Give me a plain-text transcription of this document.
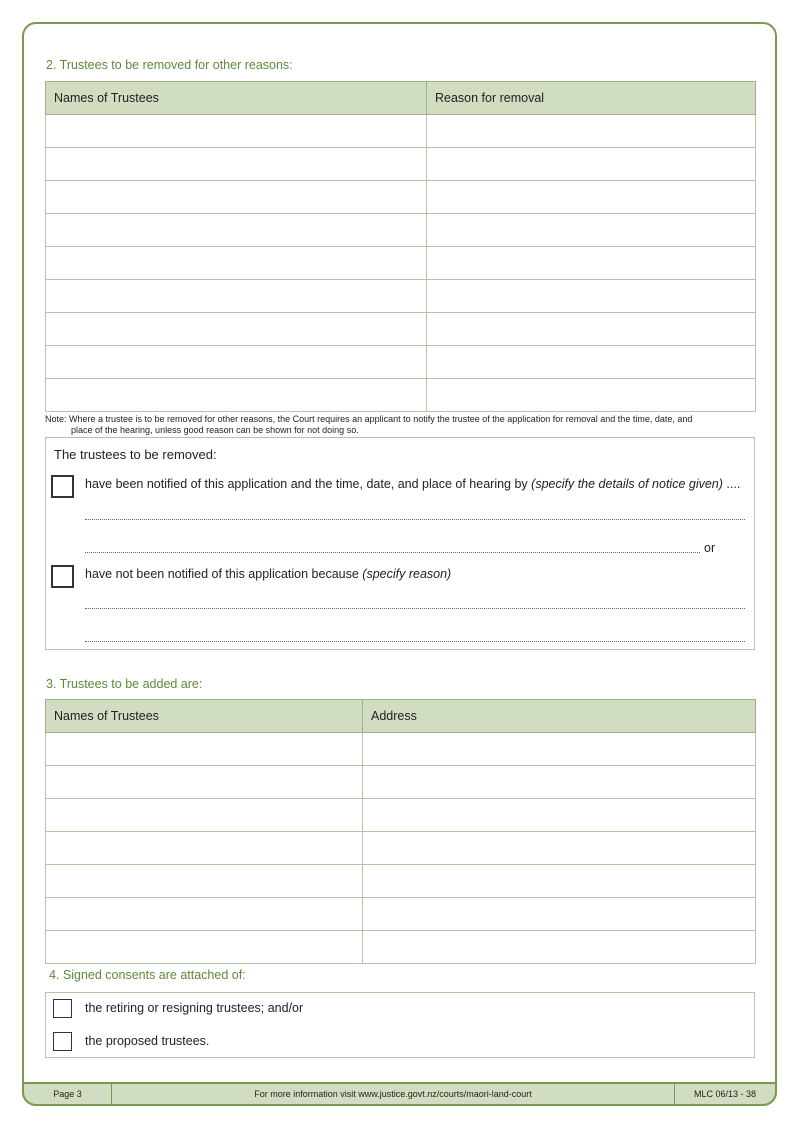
2. Trustees to be removed for other reasons:
Names of Trustees	Reason for removal

Note: Where a trustee is to be removed for other reasons, the Court requires an applicant to notify the trustee of the application for removal and the time, date, and
place of the hearing, unless good reason can be shown for not doing so.
The trustees to be removed:
have been notified of this application and the time, date, and place of hearing by (specify the details of notice given) ....
or
have not been notified of this application because (specify reason)
3. Trustees to be added are:
Names of Trustees	Address

4. Signed consents are attached of:
the retiring or resigning trustees; and/or
the proposed trustees.
Page 3	For more information visit www.justice.govt.nz/courts/maori-land-court	MLC 06/13 - 38
